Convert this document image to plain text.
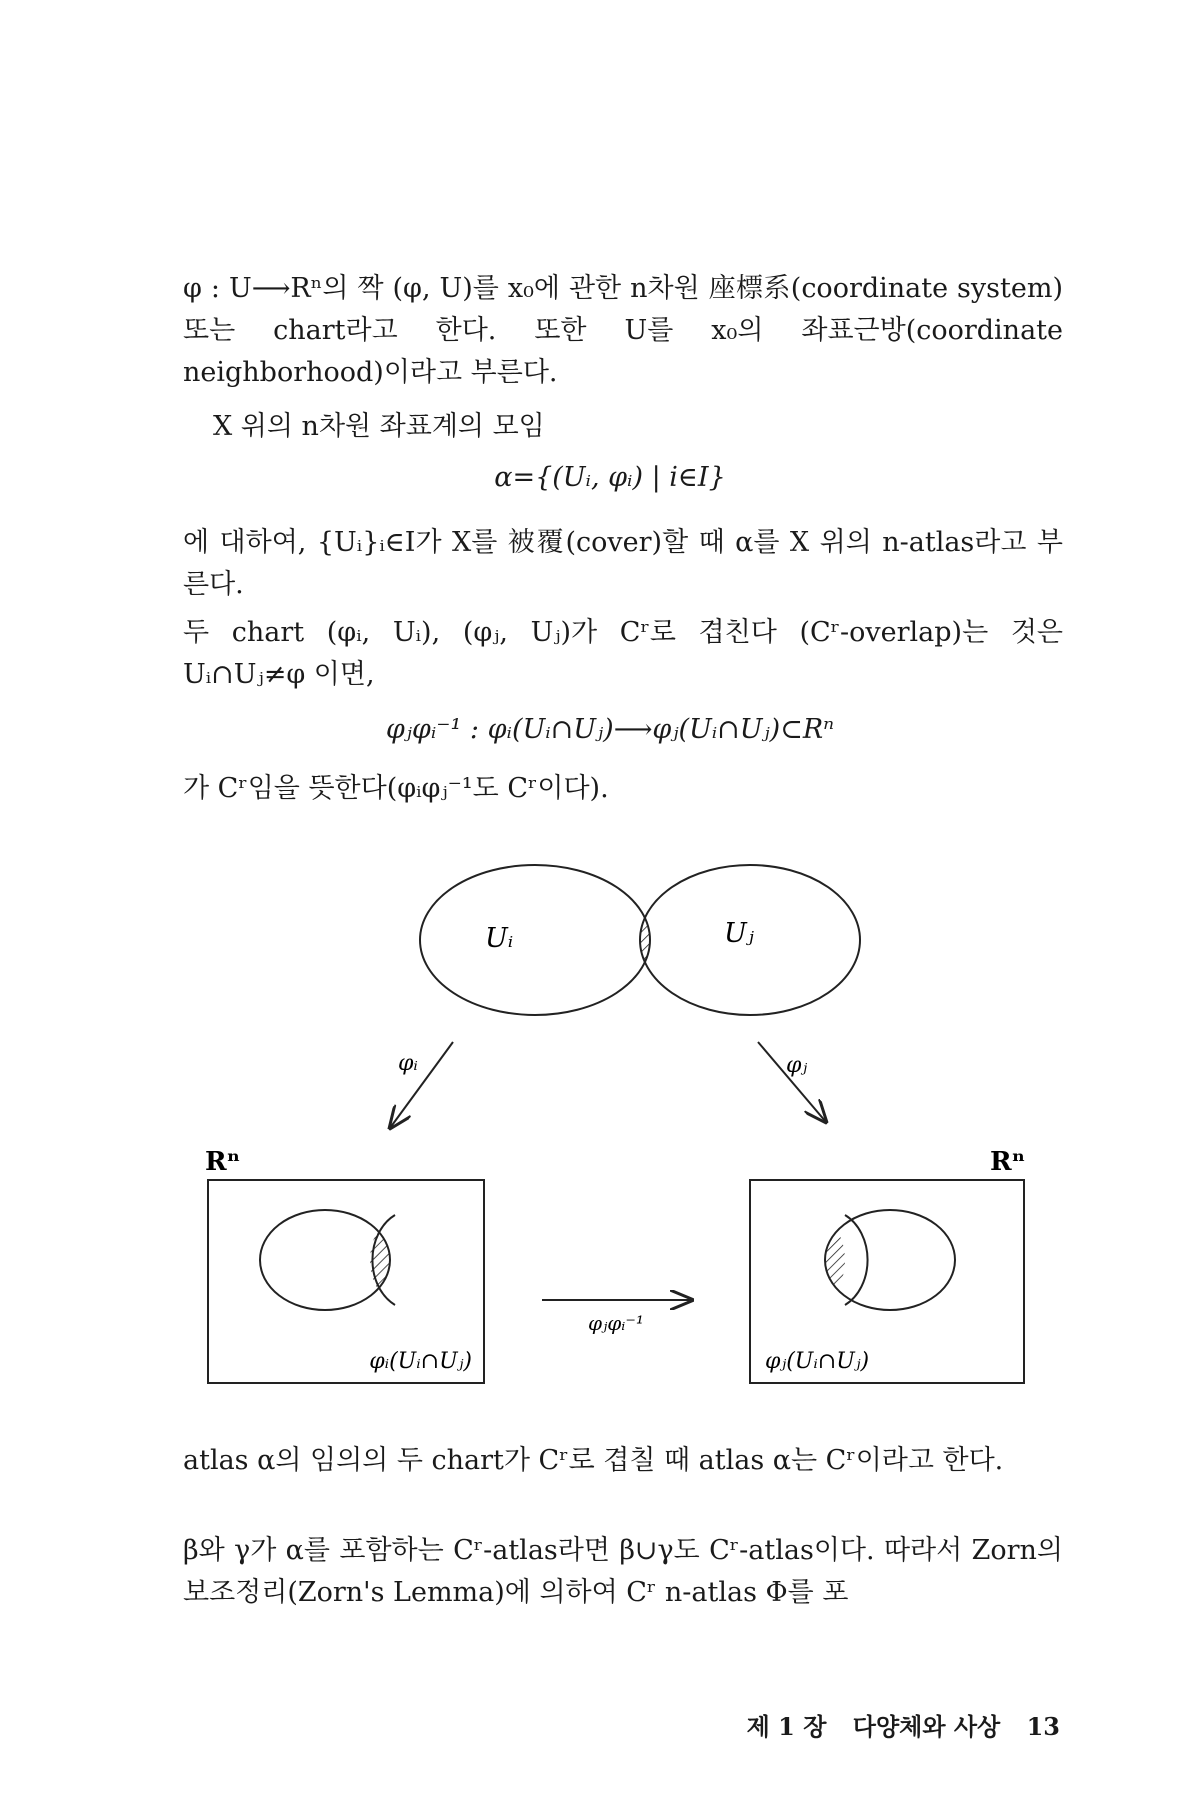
φ : U⟶Rⁿ의 짝 (φ, U)를 x₀에 관한 n차원 座標系(coordinate system) 또는 chart라고 한다. 또한 U를 x₀의 좌표근방(coordinate neighborhood)이라고 부른다.

X 위의 n차원 좌표계의 모임

α={(Uᵢ, φᵢ) | i∈I}

에 대하여, {Uᵢ}ᵢ∈I가 X를 被覆(cover)할 때 α를 X 위의 n-atlas라고 부른다.

두 chart (φᵢ, Uᵢ), (φⱼ, Uⱼ)가 Cʳ로 겹친다 (Cʳ-overlap)는 것은 Uᵢ∩Uⱼ≠φ 이면,

φⱼφᵢ⁻¹ : φᵢ(Uᵢ∩Uⱼ)⟶φⱼ(Uᵢ∩Uⱼ)⊂Rⁿ

가 Cʳ임을 뜻한다(φᵢφⱼ⁻¹도 Cʳ이다).

Uᵢ	Uⱼ
φᵢ	φⱼ
Rⁿ
φᵢ(Uᵢ∩Uⱼ)
Rⁿ
φⱼ(Uᵢ∩Uⱼ)
φⱼφᵢ⁻¹

atlas α의 임의의 두 chart가 Cʳ로 겹칠 때 atlas α는 Cʳ이라고 한다.

β와 γ가 α를 포함하는 Cʳ-atlas라면 β∪γ도 Cʳ-atlas이다. 따라서 Zorn의 보조정리(Zorn's Lemma)에 의하여 Cʳ n-atlas Φ를 포

제 1 장 다양체와 사상 13
